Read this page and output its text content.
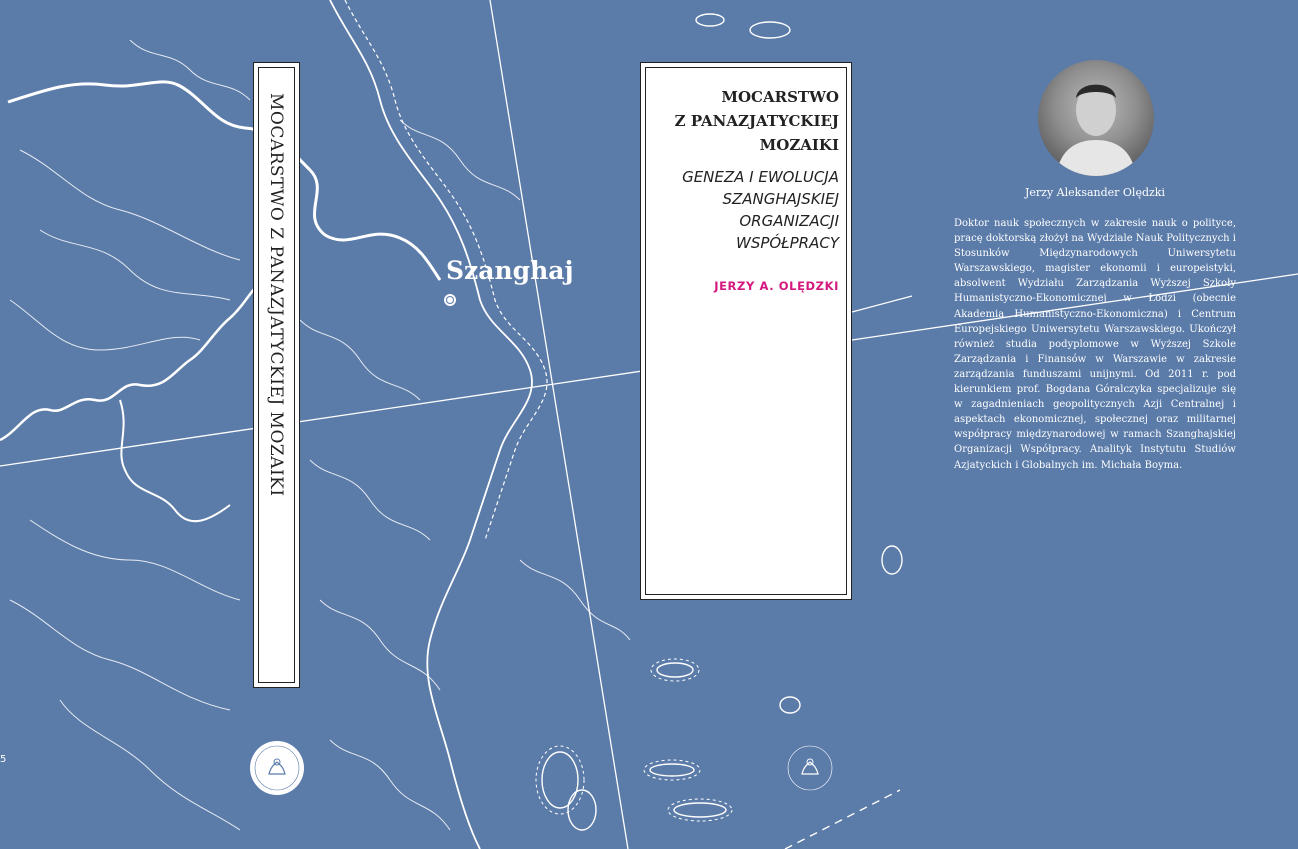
Szanghaj
MOCARSTWO Z PANAZJATYCKIEJ MOZAIKI	MOCARSTWO
Z PANAZJATYCKIEJ
MOZAIKI
GENEZA I EWOLUCJA
SZANGHAJSKIEJ
ORGANIZACJI
WSPÓŁPRACY
JERZY A. OLĘDZKI
Jerzy Aleksander Olędzki
Doktor nauk społecznych w zakresie nauk o polityce, pracę doktorską złożył na Wydziale Nauk Politycznych i Stosunków Międzynarodowych Uniwersytetu Warszawskiego, magister ekonomii i europeistyki, absolwent Wydziału Zarządzania Wyższej Szkoły Humanistyczno-Ekonomicznej w Łodzi (obecnie Akademia Humanistyczno-Ekonomiczna) i Centrum Europejskiego Uniwersytetu Warszawskiego. Ukończył również studia podyplomowe w Wyższej Szkole Zarządzania i Finansów w Warszawie w zakresie zarządzania funduszami unijnymi. Od 2011 r. pod kierunkiem prof. Bogdana Góralczyka specjalizuje się w zagadnieniach geopolitycznych Azji Centralnej i aspektach ekonomicznej, społecznej oraz militarnej współpracy międzynarodowej w ramach Szanghajskiej Organizacji Współpracy. Analityk Instytutu Studiów Azjatyckich i Globalnych im. Michała Boyma.
5
